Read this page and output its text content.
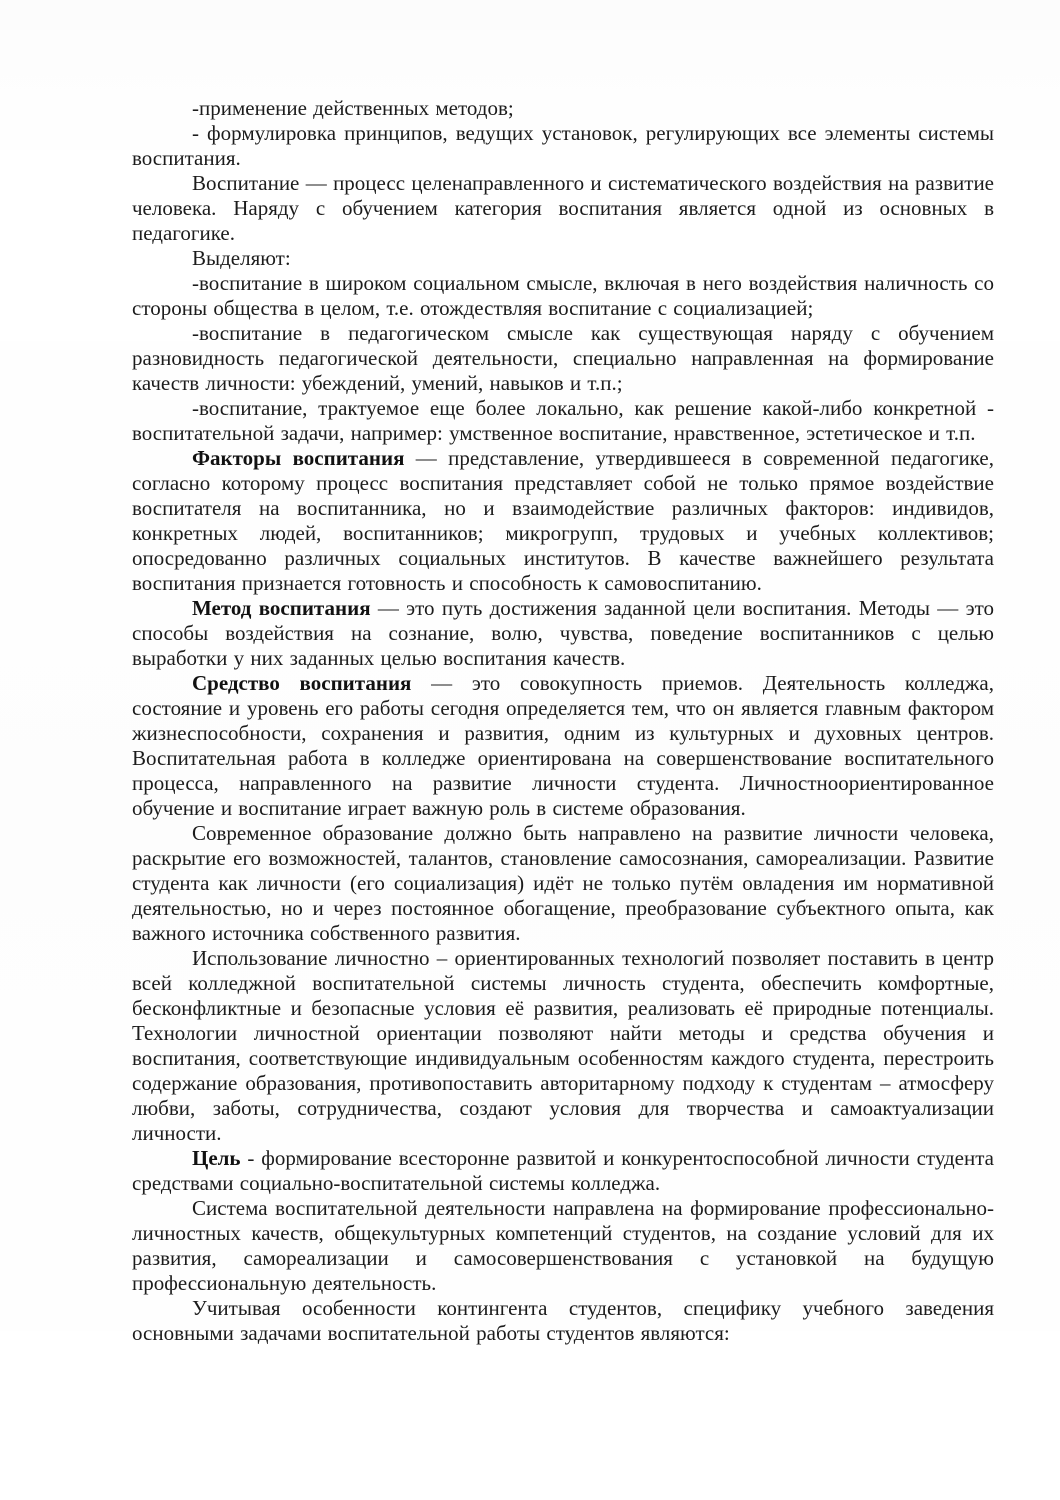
-применение действенных методов;

- формулировка принципов, ведущих установок, регулирующих все элементы системы воспитания.

Воспитание — процесс целенаправленного и систематического воздействия на развитие человека. Наряду с обучением категория воспитания является одной из основных в педагогике.

Выделяют:

-воспитание в широком социальном смысле, включая в него воздействия наличность со стороны общества в целом, т.е. отождествляя воспитание с социализацией;

-воспитание в педагогическом смысле как существующая наряду с обучением разновидность педагогической деятельности, специально направленная на формирование качеств личности: убеждений, умений, навыков и т.п.;

-воспитание, трактуемое еще более локально, как решение какой-либо конкретной - воспитательной задачи, например: умственное воспитание, нравственное, эстетическое и т.п.

Факторы воспитания — представление, утвердившееся в современной педагогике, согласно которому процесс воспитания представляет собой не только прямое воздействие воспитателя на воспитанника, но и взаимодействие различных факторов: индивидов, конкретных людей, воспитанников; микрогрупп, трудовых и учебных коллективов; опосредованно различных социальных институтов. В качестве важнейшего результата воспитания признается готовность и способность к самовоспитанию.

Метод воспитания — это путь достижения заданной цели воспитания. Методы — это способы воздействия на сознание, волю, чувства, поведение воспитанников с целью выработки у них заданных целью воспитания качеств.

Средство воспитания — это совокупность приемов. Деятельность колледжа, состояние и уровень его работы сегодня определяется тем, что он является главным фактором жизнеспособности, сохранения и развития, одним из культурных и духовных центров. Воспитательная работа в колледже ориентирована на совершенствование воспитательного процесса, направленного на развитие личности студента. Личностноориентированное обучение и воспитание играет важную роль в системе образования.

Современное образование должно быть направлено на развитие личности человека, раскрытие его возможностей, талантов, становление самосознания, самореализации. Развитие студента как личности (его социализация) идёт не только путём овладения им нормативной деятельностью, но и через постоянное обогащение, преобразование субъектного опыта, как важного источника собственного развития.

Использование личностно – ориентированных технологий позволяет поставить в центр всей колледжной воспитательной системы личность студента, обеспечить комфортные, бесконфликтные и безопасные условия её развития, реализовать её природные потенциалы. Технологии личностной ориентации позволяют найти методы и средства обучения и воспитания, соответствующие индивидуальным особенностям каждого студента, перестроить содержание образования, противопоставить авторитарному подходу к студентам – атмосферу любви, заботы, сотрудничества, создают условия для творчества и самоактуализации личности.

Цель - формирование всесторонне развитой и конкурентоспособной личности студента средствами социально-воспитательной системы колледжа.

Система воспитательной деятельности направлена на формирование профессионально-личностных качеств, общекультурных компетенций студентов, на создание условий для их развития, самореализации и самосовершенствования с установкой на будущую профессиональную деятельность.

Учитывая особенности контингента студентов, специфику учебного заведения основными задачами воспитательной работы студентов являются:
